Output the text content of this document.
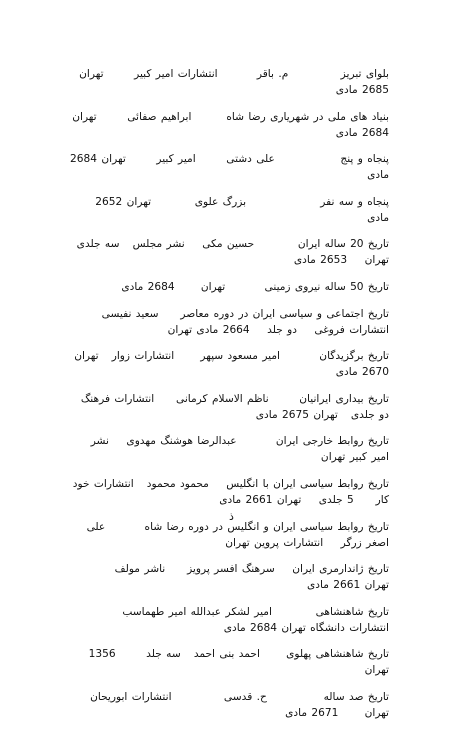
بلوای تبریز            م. باقر         انتشارات امیر کبیر       تهران 2685 مادی

بنیاد های ملی در شهریاری رضا شاه        ابراهیم صفائی       تهران 2684 مادی

پنجاه و پنج               علی دشتی       امیر کبیر       تهران 2684 مادی

پنجاه و سه نفر                 بزرگ علوی          تهران 2652 مادی

تاریخ 20 ساله ایران          حسین مکی    نشر مجلس   سه جلدی    تهران    2653 مادی

تاریخ 50 ساله نیروی زمینی         تهران      2684 مادی

تاریخ اجتماعی و سیاسی ایران در دوره معاصر     سعید نفیسی   انتشارات فروغی    دو جلد    2664 مادی تهران

تاریخ برگزیدگان         امیر مسعود سپهر      انتشارات زوار   تهران 2670 مادی

تاریخ بیداری ایرانیان       ناظم الاسلام کرمانی     انتشارات فرهنگ  دو جلدی   تهران 2675 مادی

تاریخ روابط خارجی ایران         عبدالرضا هوشنگ مهدوی    نشر امیر کبیر تهران

تاریخ روابط سیاسی ایران با انگلیس    محمود محمود   انتشارات خود کار     5 جلدی    تهران 2661 مادی

تاریخ روابط سیاسی ایران و انگلیس در دوره رضا شاه         علی اصغر زرگر    انتشارات پروین تهران

تاریخ ژاندارمری ایران    سرهنگ افسر پرویز     ناشر مولف      تهران 2661 مادی

تاریخ شاهنشاهی          امیر لشکر عبدالله امیر طهماسب     انتشارات دانشگاه تهران 2684 مادی

تاریخ شاهنشاهی پهلوی      احمد بنی احمد   سه جلد       1356 تهران

تاریخ صد ساله             ح. قدسی            انتشارات ابوریحان     تهران      2671 مادی

ذ
